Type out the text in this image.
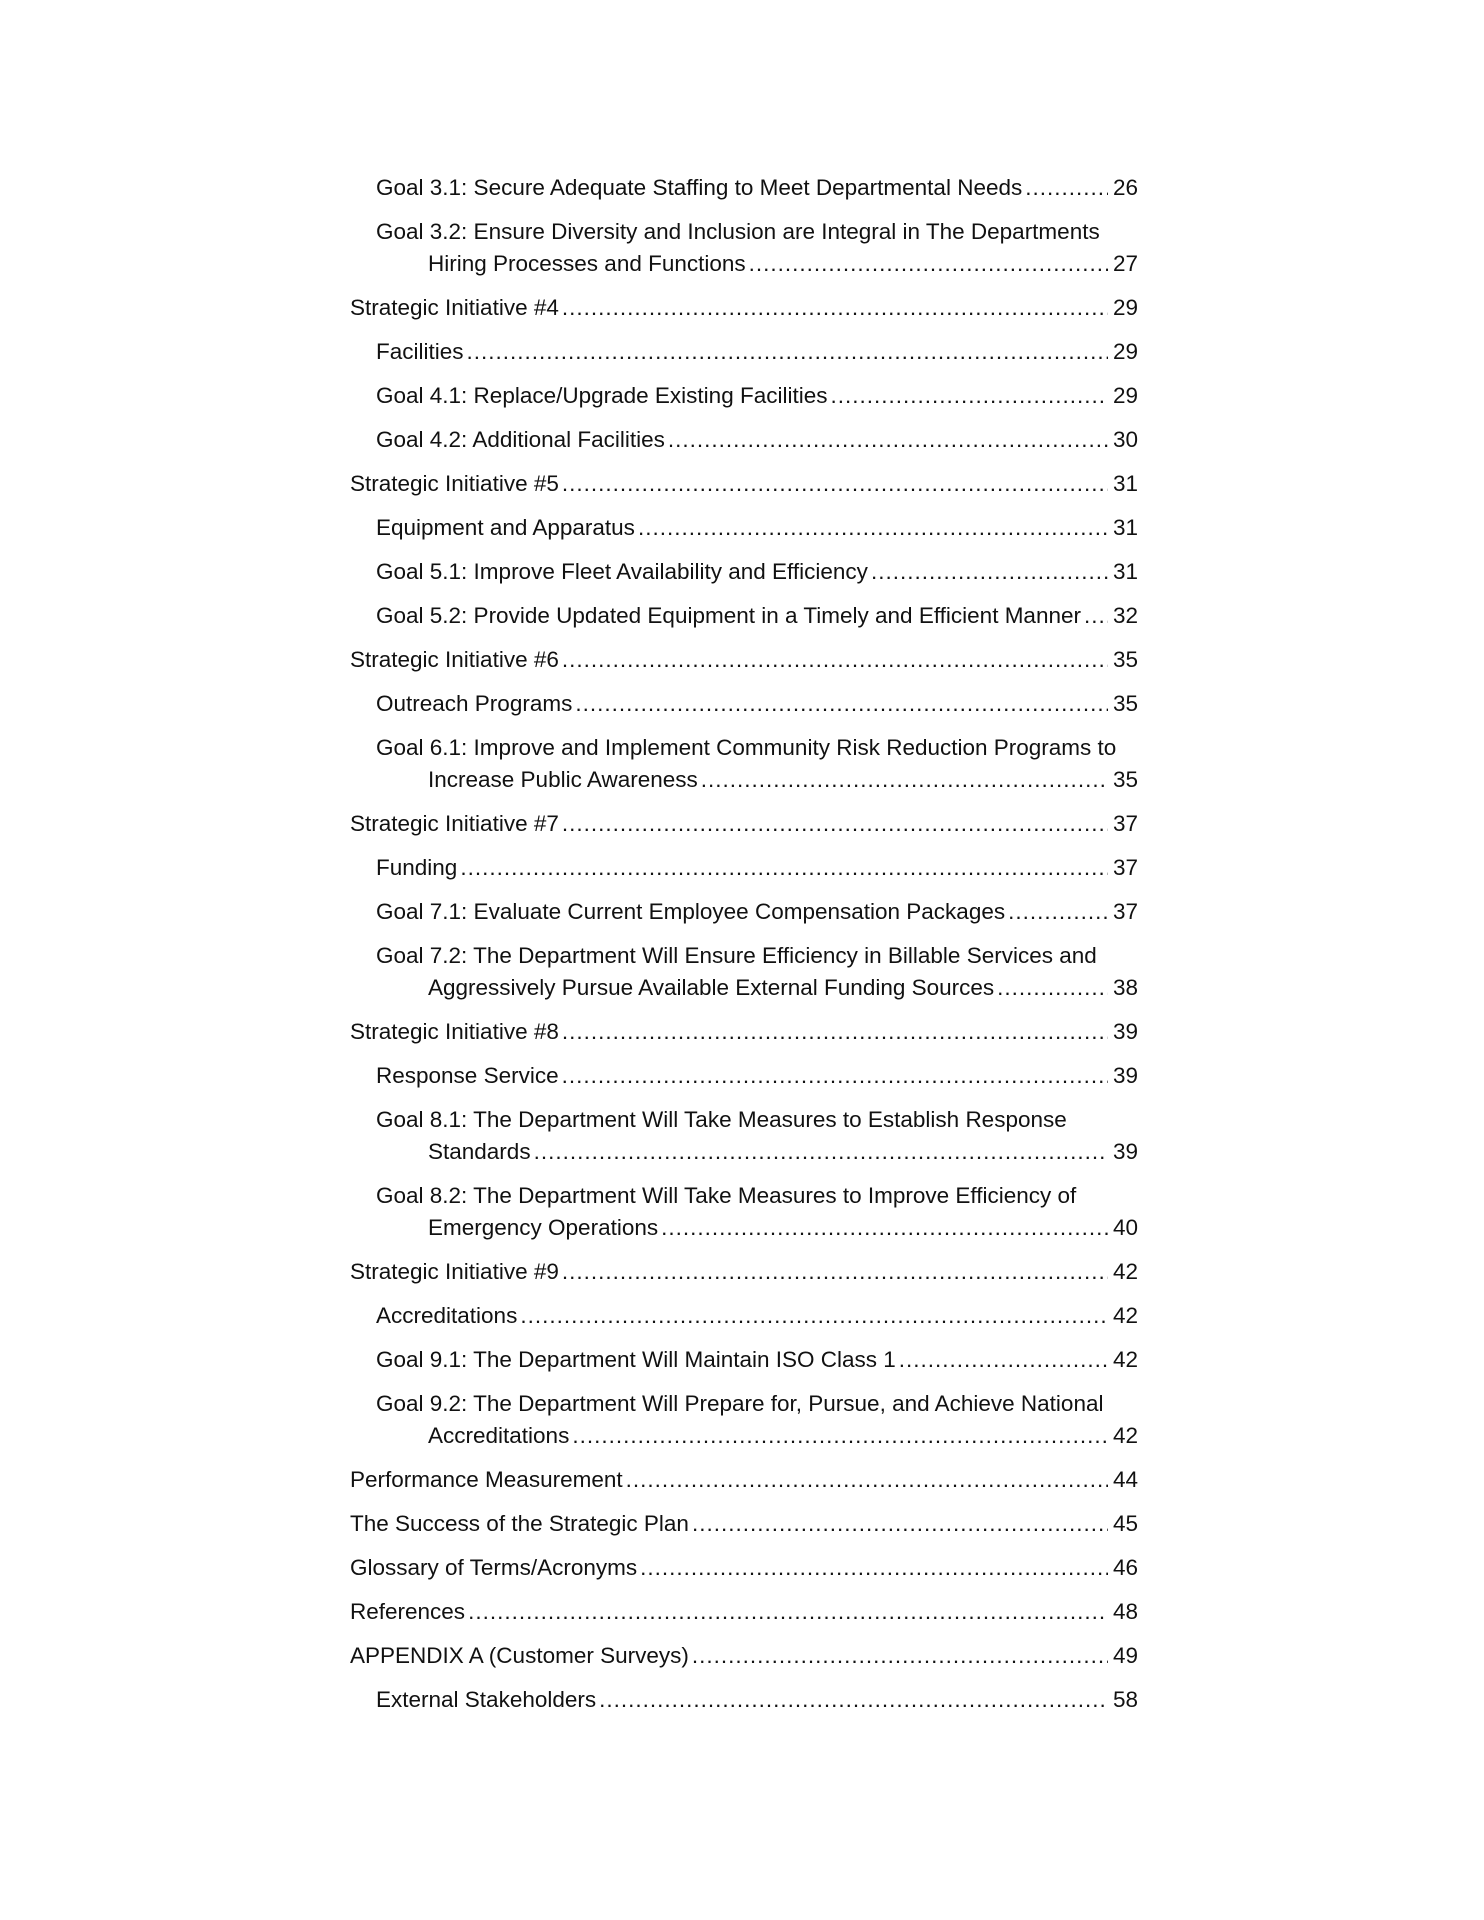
Goal 3.1: Secure Adequate Staffing to Meet Departmental Needs .....	26
Goal 3.2: Ensure Diversity and Inclusion are Integral in The Departments
Hiring Processes and Functions .....	27
Strategic Initiative #4 .....	29
Facilities .....	29
Goal 4.1: Replace/Upgrade Existing Facilities .....	29
Goal 4.2: Additional Facilities .....	30
Strategic Initiative #5 .....	31
Equipment and Apparatus .....	31
Goal 5.1: Improve Fleet Availability and Efficiency .....	31
Goal 5.2: Provide Updated Equipment in a Timely and Efficient Manner ..... 32
Strategic Initiative #6 .....	35
Outreach Programs .....	35
Goal 6.1: Improve and Implement Community Risk Reduction Programs to
Increase Public Awareness .....	35
Strategic Initiative #7 .....	37
Funding .....	37
Goal 7.1: Evaluate Current Employee Compensation Packages .....	37
Goal 7.2: The Department Will Ensure Efficiency in Billable Services and
Aggressively Pursue Available External Funding Sources .....	38
Strategic Initiative #8 .....	39
Response Service .....	39
Goal 8.1: The Department Will Take Measures to Establish Response
Standards .....	39
Goal 8.2: The Department Will Take Measures to Improve Efficiency of
Emergency Operations .....	40
Strategic Initiative #9 .....	42
Accreditations .....	42
Goal 9.1: The Department Will Maintain ISO Class 1 .....	42
Goal 9.2: The Department Will Prepare for, Pursue, and Achieve National
Accreditations .....	42
Performance Measurement .....	44
The Success of the Strategic Plan .....	45
Glossary of Terms/Acronyms .....	46
References .....	48
APPENDIX A (Customer Surveys) .....	49
External Stakeholders .....	58
